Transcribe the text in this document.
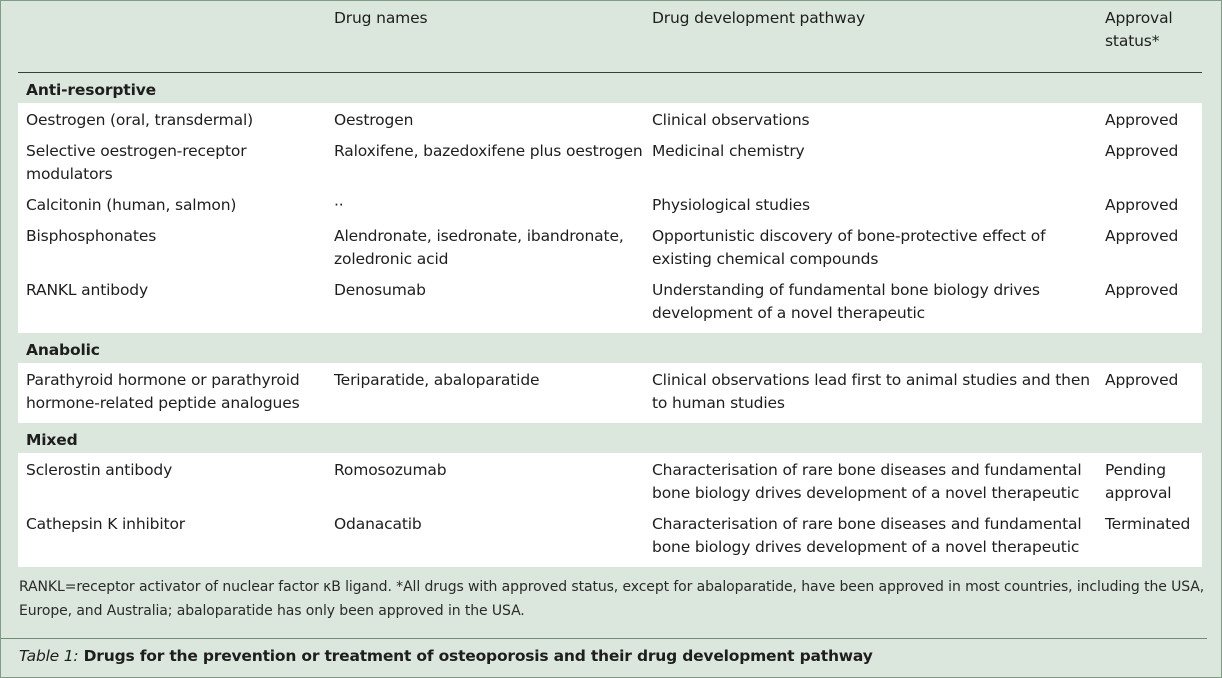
	Drug names	Drug development pathway	Approval status*
Anti-resorptive			
Oestrogen (oral, transdermal)	Oestrogen	Clinical observations	Approved
Selective oestrogen-receptor modulators	Raloxifene, bazedoxifene plus oestrogen	Medicinal chemistry	Approved
Calcitonin (human, salmon)	··	Physiological studies	Approved
Bisphosphonates	Alendronate, isedronate, ibandronate, zoledronic acid	Opportunistic discovery of bone-protective effect of existing chemical compounds	Approved
RANKL antibody	Denosumab	Understanding of fundamental bone biology drives development of a novel therapeutic	Approved
Anabolic			
Parathyroid hormone or parathyroid hormone-related peptide analogues	Teriparatide, abaloparatide	Clinical observations lead first to animal studies and then to human studies	Approved
Mixed			
Sclerostin antibody	Romosozumab	Characterisation of rare bone diseases and fundamental bone biology drives development of a novel therapeutic	Pending approval
Cathepsin K inhibitor	Odanacatib	Characterisation of rare bone diseases and fundamental bone biology drives development of a novel therapeutic	Terminated
RANKL=receptor activator of nuclear factor κB ligand. *All drugs with approved status, except for abaloparatide, have been approved in most countries, including the USA, Europe, and Australia; abaloparatide has only been approved in the USA.
Table 1: Drugs for the prevention or treatment of osteoporosis and their drug development pathway
